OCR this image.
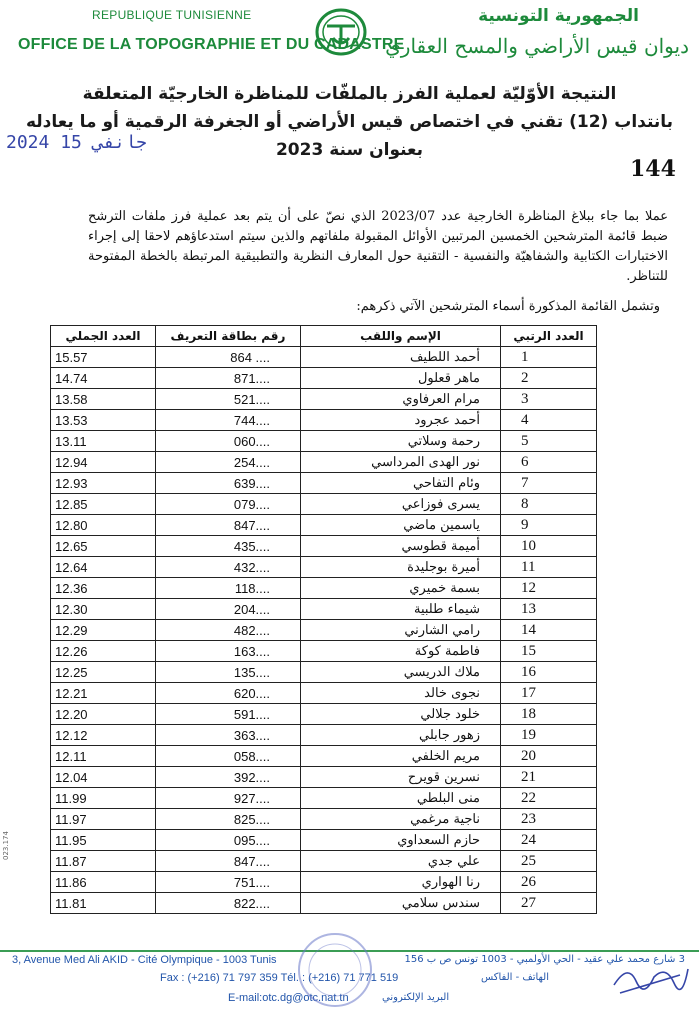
REPUBLIQUE TUNISIENNE
OFFICE DE LA TOPOGRAPHIE ET DU CADASTRE
الجمهورية التونسية
ديوان قيس الأراضي والمسح العقاري
النتيجة الأوّليّة لعملية الفرز بالملفّات للمناظرة الخارجيّة المتعلقة
بانتداب (12) تقني في اختصاص قيس الأراضي أو الجغرفة الرقمية أو ما يعادله
بعنوان سنة 2023
2024 جانفي 15
144
عملا بما جاء ببلاغ المناظرة الخارجية عدد 2023/07 الذي نصّ على أن يتم بعد عملية فرز ملفات الترشح ضبط قائمة المترشحين الخمسين المرتبين الأوائل المقبولة ملفاتهم والذين سيتم استدعاؤهم لاحقا إلى إجراء الاختبارات الكتابية والشفاهيّة والنفسية - التقنية حول المعارف النظرية والتطبيقية المرتبطة بالخطة المفتوحة للتناظر.
وتشمل القائمة المذكورة أسماء المترشحين الآتي ذكرهم:
العدد الجملي	رقم بطاقة التعريف	الإسم واللقب	العدد الرتبي
15.57	864 ....	أحمد اللطيف	1
14.74	871....	ماهر قعلول	2
13.58	521....	مرام العرفاوي	3
13.53	744....	أحمد عجرود	4
13.11	060....	رحمة وسلاتي	5
12.94	254....	نور الهدى المرداسي	6
12.93	639....	وئام التفاحي	7
12.85	079....	يسرى فوزاعي	8
12.80	847....	ياسمين ماضي	9
12.65	435....	أميمة قطوسي	10
12.64	432....	أميرة بوجليدة	11
12.36	118....	بسمة خميري	12
12.30	204....	شيماء طلبية	13
12.29	482....	رامي الشارني	14
12.26	163....	فاطمة كوكة	15
12.25	135....	ملاك الدريسي	16
12.21	620....	نجوى خالد	17
12.20	591....	خلود جلالي	18
12.12	363....	زهور جابلي	19
12.11	058....	مريم الخلفي	20
12.04	392....	نسرين قويرح	21
11.99	927....	منى البلطي	22
11.97	825....	ناجية مرغمي	23
11.95	095....	حازم السعداوي	24
11.87	847....	علي جدي	25
11.86	751....	رنا الهواري	26
11.81	822....	سندس سلامي	27
3, Avenue Med Ali AKID - Cité Olympique - 1003 Tunis	3 شارع محمد علي عقيد - الحي الأولمبي - 1003 تونس ص ب 156
Fax : (+216) 71 797 359 Tél. : (+216) 71 771 519	الهاتف - الفاكس
E-mail:otc.dg@otc.nat.tn	البريد الإلكتروني
023.174
